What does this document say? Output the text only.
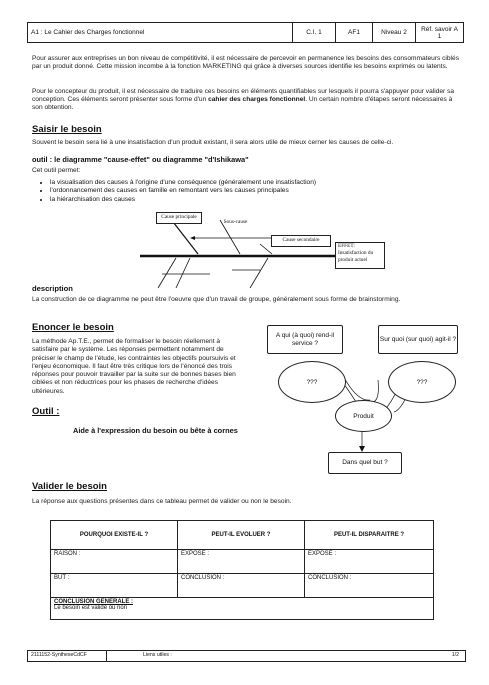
A1 : Le Cahier des Charges fonctionnel	C.I. 1	AF1	Niveau 2	Réf. savoir A 1
Pour assurer aux entreprises un bon niveau de compétitivité, il est nécessaire de percevoir en permanence les besoins des consommateurs ciblés par un produit donné. Cette mission incombe à la fonction MARKETING qui grâce à diverses sources identifie les besoins exprimés ou latents.
Pour le concepteur du produit, il est nécessaire de traduire ces besoins en éléments quantifiables sur lesquels il pourra s'appuyer pour valider sa conception. Ces éléments seront présenter sous forme d'un cahier des charges fonctionnel. Un certain nombre d'étapes seront nécessaires à son obtention.
Saisir le besoin
Souvent le besoin sera lié à une insatisfaction d'un produit existant, il sera alors utile de mieux cerner les causes de celle-ci.
outil : le diagramme "cause-effet" ou diagramme "d'Ishikawa"
Cet outil permet:
• la visualisation des causes à l'origine d'une conséquence (généralement une insatisfaction)
• l'ordonnancement des causes en famille en remontant vers les causes principales
• la hiérarchisation des causes
Cause principale
Sous-cause
Cause secondaire
EFFET:
Insatisfaction du produit actuel
description
La construction de ce diagramme ne peut être l'oeuvre que d'un travail de groupe, généralement sous forme de brainstorming.
Enoncer le besoin
La méthode Ap.T.E., permet de formaliser le besoin réellement à satisfaire par le système. Les réponses permettent notamment de préciser le champ de l'étude, les contraintes les objectifs poursuivis et l'enjeu économique. Il faut être très critique lors de l'énoncé des trois réponses pour pouvoir travailler par la suite sur de bonnes bases bien ciblées et non réductrices pour les phases de recherche d'idées ultérieures.
Outil :
Aide à l'expression du besoin ou bête à cornes
A qui (à quoi) rend-il service ?
Sur quoi (sur quoi) agit-il ?
???	???
Produit
Dans quel but ?
Valider le besoin
La réponse aux questions présentes dans ce tableau permet de valider ou non le besoin.
POURQUOI EXISTE-IL ?	PEUT-IL EVOLUER ?	PEUT-IL DISPARAITRE ?
RAISON :	EXPOSE :	EXPOSE :
BUT :	CONCLUSION :	CONCLUSION :
CONCLUSION GENERALE :
Le besoin est validé ou non		
2111152-SyntheseCdCF	Liens utiles :	1/2
